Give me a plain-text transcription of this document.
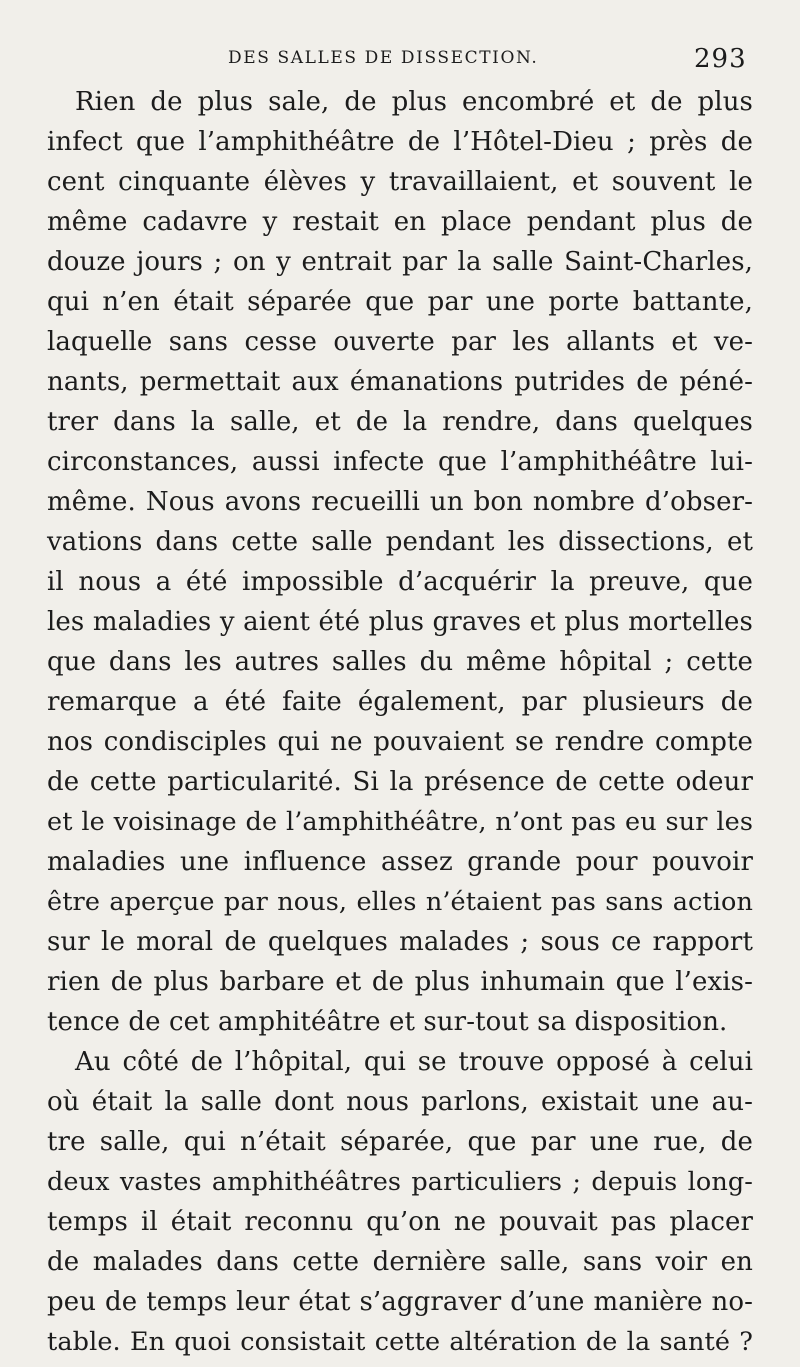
DES SALLES DE DISSECTION.	293
Rien de plus sale, de plus encombré et de plus
infect que l’amphithéâtre de l’Hôtel-Dieu ; près de
cent cinquante élèves y travaillaient, et souvent le
même cadavre y restait en place pendant plus de
douze jours ; on y entrait par la salle Saint-Charles,
qui n’en était séparée que par une porte battante,
laquelle sans cesse ouverte par les allants et ve-
nants, permettait aux émanations putrides de péné-
trer dans la salle, et de la rendre, dans quelques
circonstances, aussi infecte que l’amphithéâtre lui-
même. Nous avons recueilli un bon nombre d’obser-
vations dans cette salle pendant les dissections, et
il nous a été impossible d’acquérir la preuve, que
les maladies y aient été plus graves et plus mortelles
que dans les autres salles du même hôpital ; cette
remarque a été faite également, par plusieurs de
nos condisciples qui ne pouvaient se rendre compte
de cette particularité. Si la présence de cette odeur
et le voisinage de l’amphithéâtre, n’ont pas eu sur les
maladies une influence assez grande pour pouvoir
être aperçue par nous, elles n’étaient pas sans action
sur le moral de quelques malades ; sous ce rapport
rien de plus barbare et de plus inhumain que l’exis-
tence de cet amphitéâtre et sur-tout sa disposition.
Au côté de l’hôpital, qui se trouve opposé à celui
où était la salle dont nous parlons, existait une au-
tre salle, qui n’était séparée, que par une rue, de
deux vastes amphithéâtres particuliers ; depuis long-
temps il était reconnu qu’on ne pouvait pas placer
de malades dans cette dernière salle, sans voir en
peu de temps leur état s’aggraver d’une manière no-
table. En quoi consistait cette altération de la santé ?
